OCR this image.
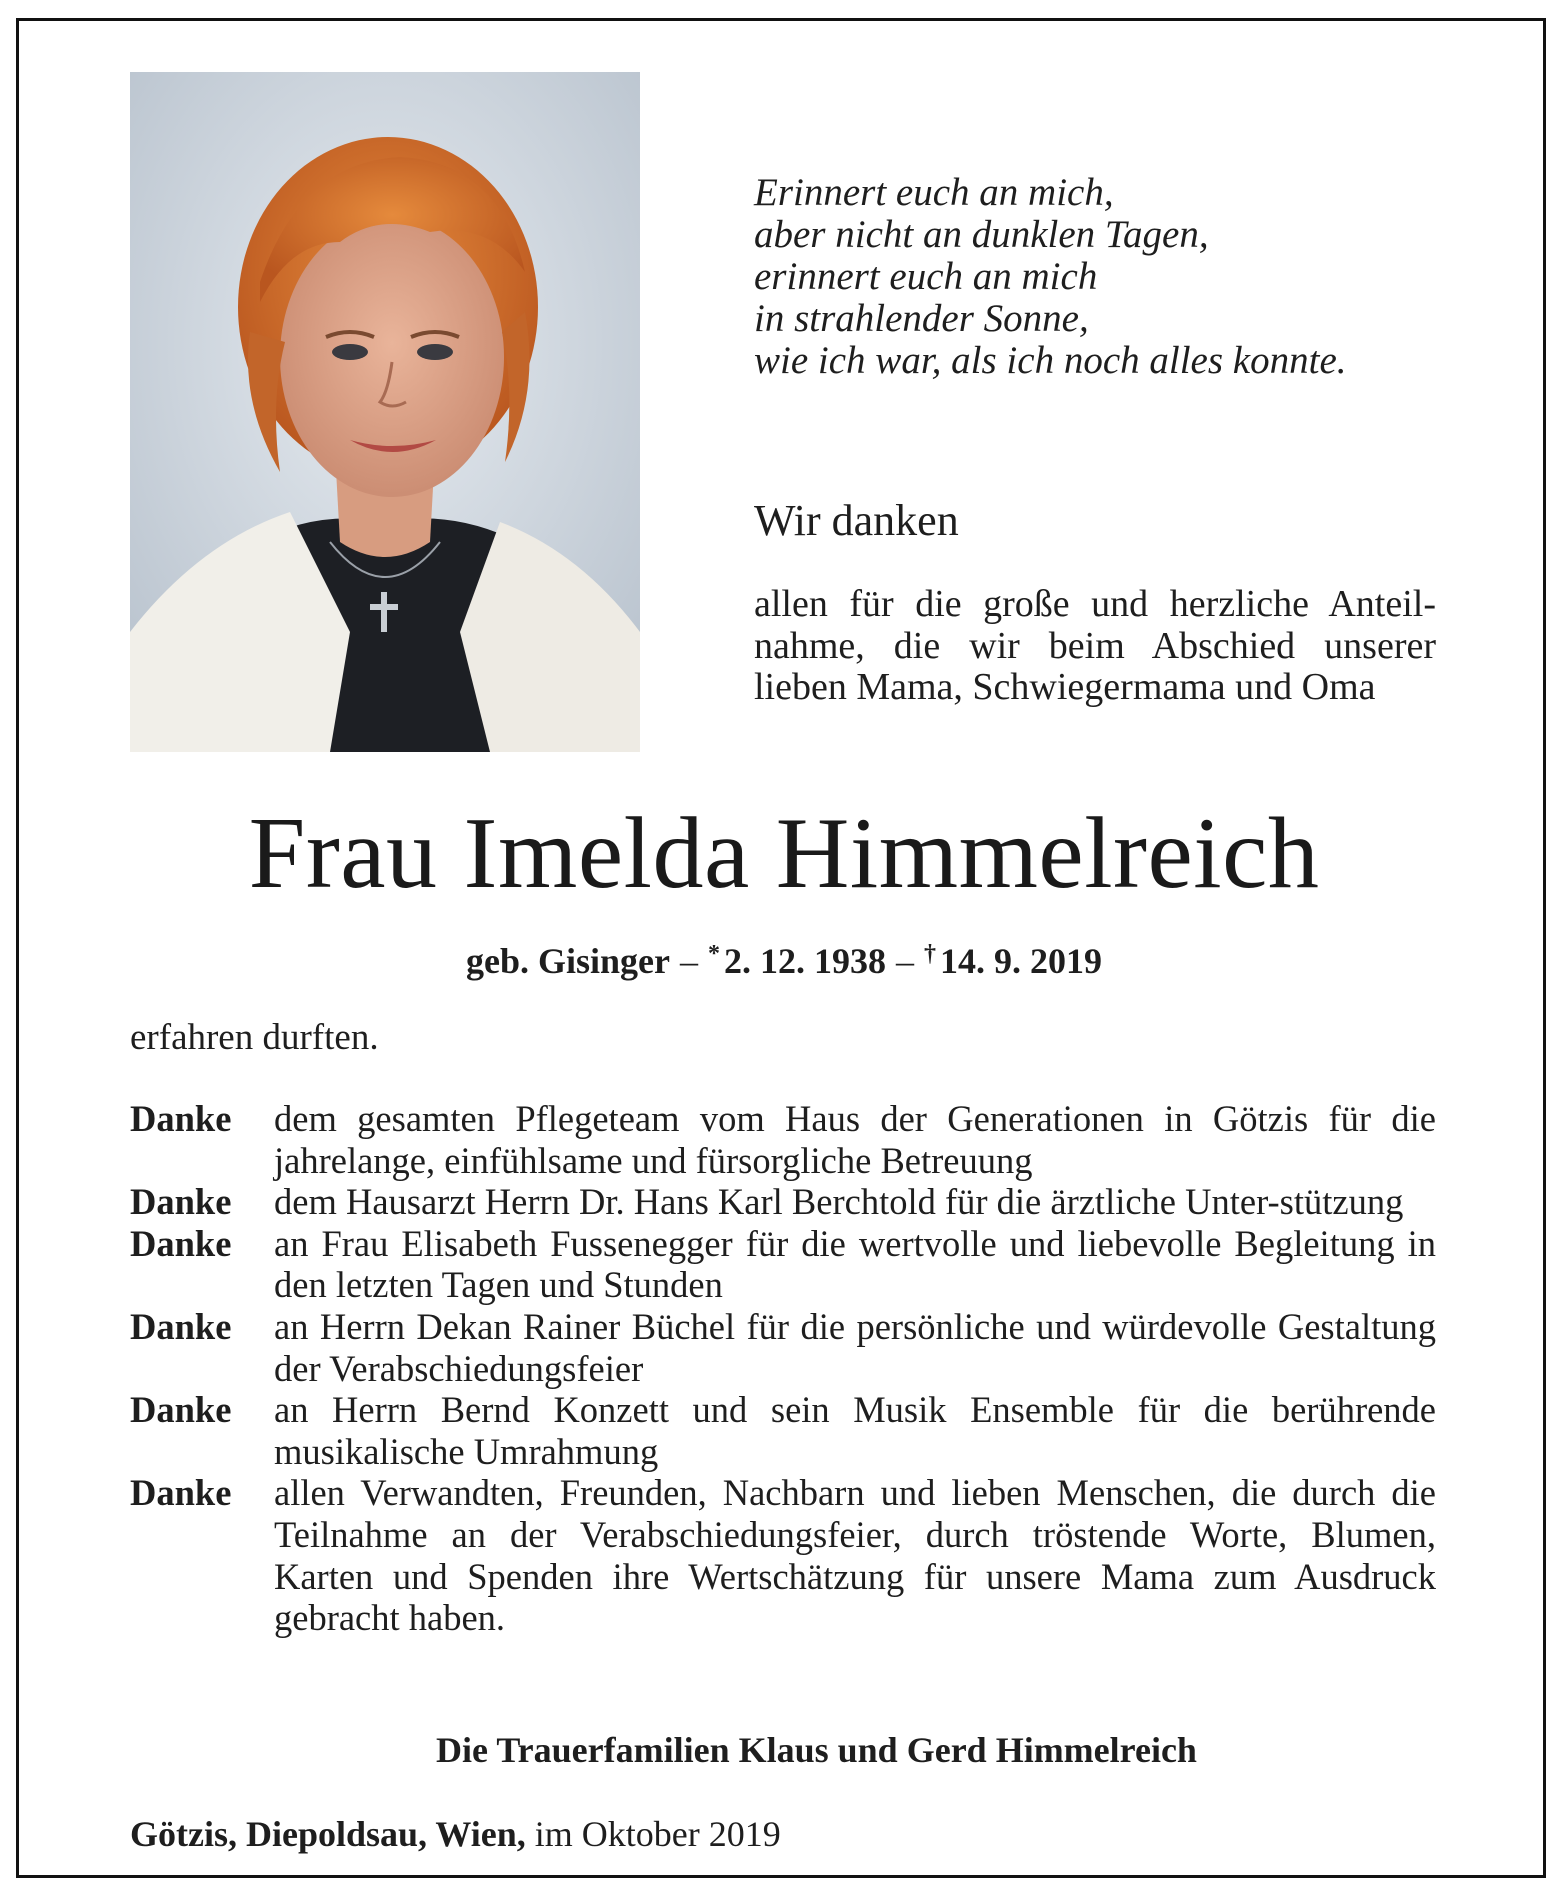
Erinnert euch an mich,
aber nicht an dunklen Tagen,
erinnert euch an mich
in strahlender Sonne,
wie ich war, als ich noch alles konnte.
Wir danken
allen für die große und herzliche Anteil-nahme, die wir beim Abschied unserer lieben Mama, Schwiegermama und Oma
Frau Imelda Himmelreich
geb. Gisinger – * 2. 12. 1938 – † 14. 9. 2019
erfahren durften.
Danke	dem gesamten Pflegeteam vom Haus der Generationen in Götzis für die jahrelange, einfühlsame und fürsorgliche Betreuung
Danke	dem Hausarzt Herrn Dr. Hans Karl Berchtold für die ärztliche Unter-stützung
Danke	an Frau Elisabeth Fussenegger für die wertvolle und liebevolle Begleitung in den letzten Tagen und Stunden
Danke	an Herrn Dekan Rainer Büchel für die persönliche und würdevolle Gestaltung der Verabschiedungsfeier
Danke	an Herrn Bernd Konzett und sein Musik Ensemble für die berührende musikalische Umrahmung
Danke	allen Verwandten, Freunden, Nachbarn und lieben Menschen, die durch die Teilnahme an der Verabschiedungsfeier, durch tröstende Worte, Blumen, Karten und Spenden ihre Wertschätzung für unsere Mama zum Ausdruck gebracht haben.
Die Trauerfamilien Klaus und Gerd Himmelreich
Götzis, Diepoldsau, Wien, im Oktober 2019
